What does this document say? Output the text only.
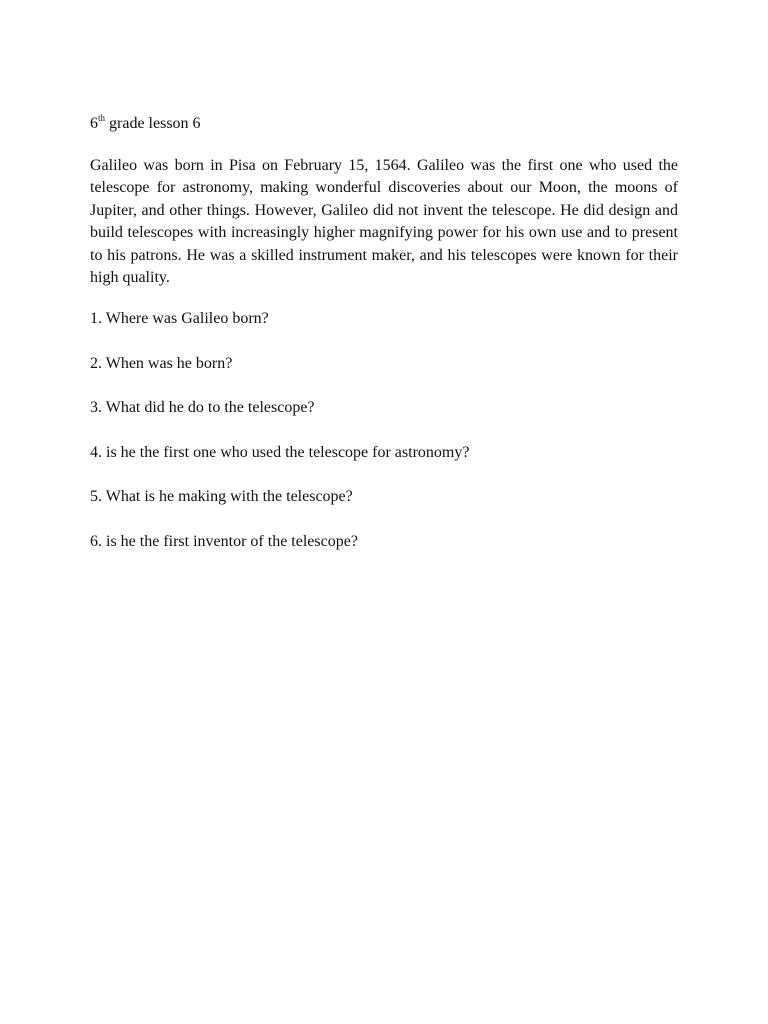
6th grade lesson 6

Galileo was born in Pisa on February 15, 1564. Galileo was the first one who used the telescope for astronomy, making wonderful discoveries about our Moon, the moons of Jupiter, and other things. However, Galileo did not invent the telescope. He did design and build telescopes with increasingly higher magnifying power for his own use and to present to his patrons. He was a skilled instrument maker, and his telescopes were known for their high quality.

1. Where was Galileo born?
2. When was he born?
3. What did he do to the telescope?
4. is he the first one who used the telescope for astronomy?
5. What is he making with the telescope?
6. is he the first inventor of the telescope?
